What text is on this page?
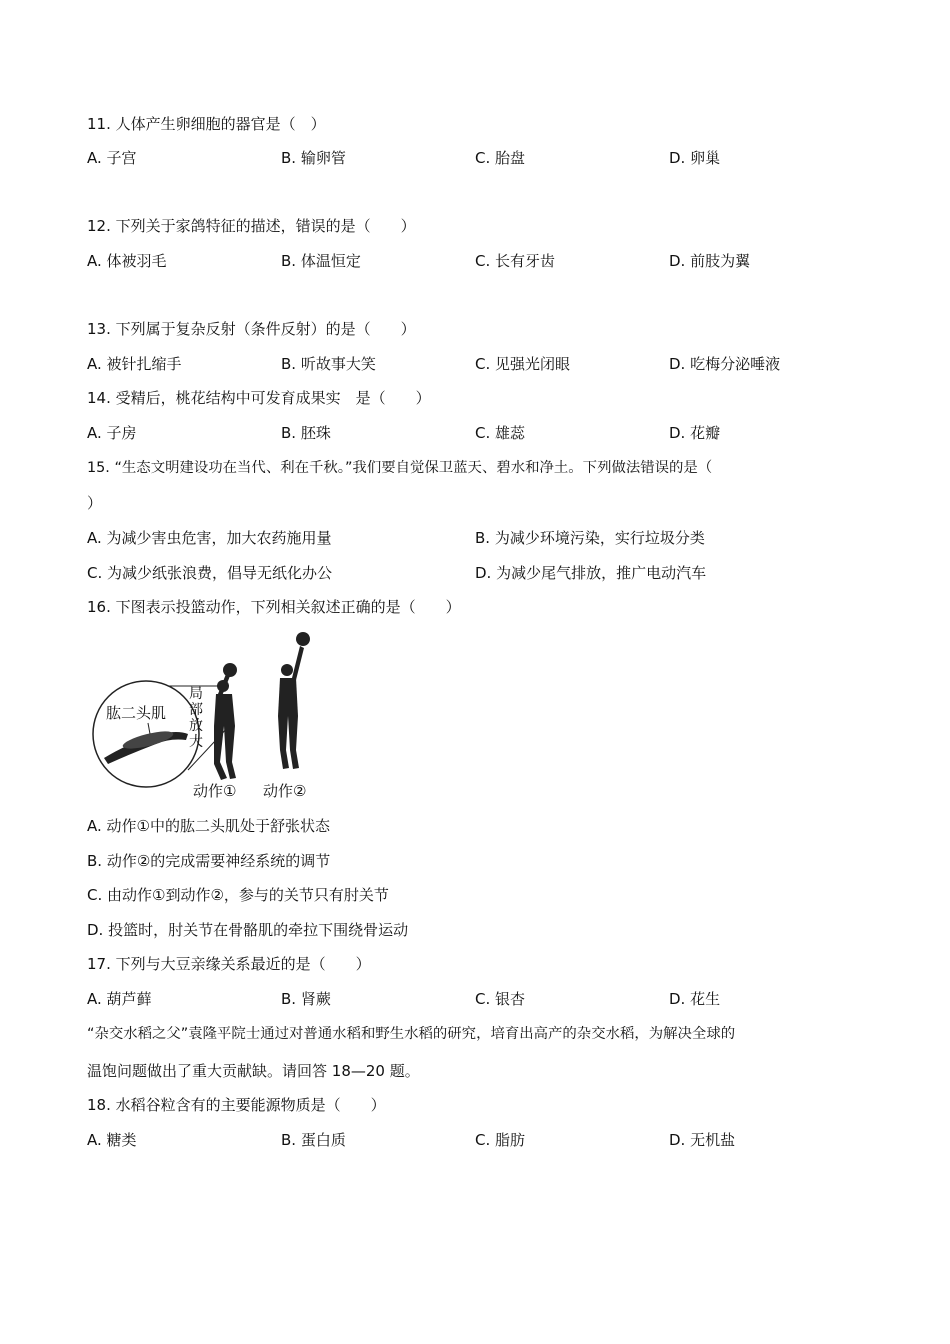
11. 人体产生卵细胞的器官是（　）
A. 子宫	B. 输卵管	C. 胎盘	D. 卵巢
12. 下列关于家鸽特征的描述，错误的是（　　）
A. 体被羽毛	B. 体温恒定	C. 长有牙齿	D. 前肢为翼
13. 下列属于复杂反射（条件反射）的是（　　）
A. 被针扎缩手	B. 听故事大笑	C. 见强光闭眼	D. 吃梅分泌唾液
14. 受精后，桃花结构中可发育成果实　是（　　）
A. 子房	B. 胚珠	C. 雄蕊	D. 花瓣
15. “生态文明建设功在当代、利在千秋。”我们要自觉保卫蓝天、碧水和净土。下列做法错误的是（
）
A. 为减少害虫危害，加大农药施用量	B. 为减少环境污染，实行垃圾分类
C. 为减少纸张浪费，倡导无纸化办公	D. 为减少尾气排放，推广电动汽车
16. 下图表示投篮动作，下列相关叙述正确的是（　　）
肱二头肌
局
部
放
大
动作① 动作②
A. 动作①中的肱二头肌处于舒张状态
B. 动作②的完成需要神经系统的调节
C. 由动作①到动作②，参与的关节只有肘关节
D. 投篮时，肘关节在骨骼肌的牵拉下围绕骨运动
17. 下列与大豆亲缘关系最近的是（　　）
A. 葫芦藓	B. 肾蕨	C. 银杏	D. 花生
“杂交水稻之父”袁隆平院士通过对普通水稻和野生水稻的研究，培育出高产的杂交水稻，为解决全球的
温饱问题做出了重大贡献缺。请回答 18—20 题。
18. 水稻谷粒含有的主要能源物质是（　　）
A. 糖类	B. 蛋白质	C. 脂肪	D. 无机盐
